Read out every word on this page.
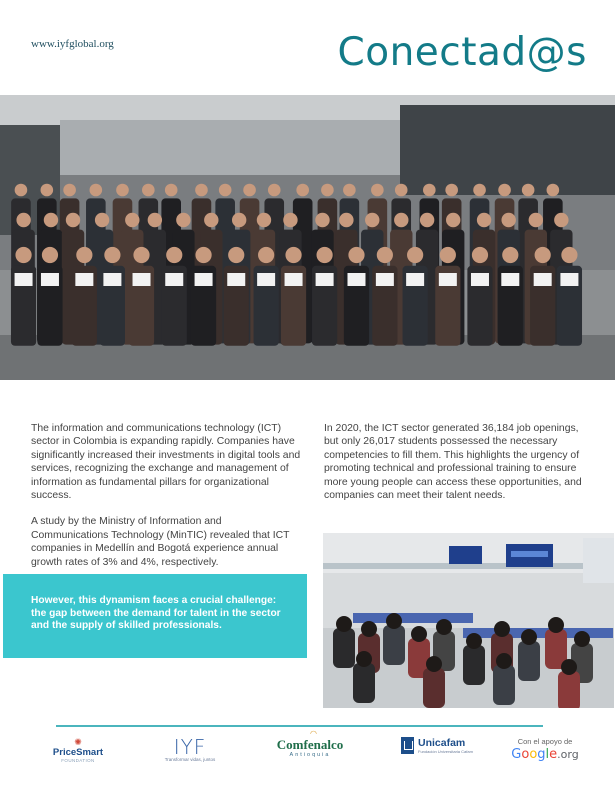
www.iyfglobal.org	Conectad@s

The information and communications technology (ICT) sector in Colombia is expanding rapidly. Companies have significantly increased their investments in digital tools and services, recognizing the exchange and management of information as fundamental pillars for organizational success.

A study by the Ministry of Information and Communications Technology (MinTIC) revealed that ICT companies in Medellín and Bogotá experience annual growth rates of 3% and 4%, respectively.

However, this dynamism faces a crucial challenge: the gap between the demand for talent in the sector and the supply of skilled professionals.

In 2020, the ICT sector generated 36,184 job openings, but only 26,017 students possessed the necessary competencies to fill them. This highlights the urgency of promoting technical and professional training to ensure more young people can access these opportunities, and companies can meet their talent needs.

✺
PriceSmart
FOUNDATION
IYF
Transformar vidas, juntos
◠
Comfenalco
Antioquia
Unicafam
Fundación Universitaria Cafam
Con el apoyo de
Google.org
